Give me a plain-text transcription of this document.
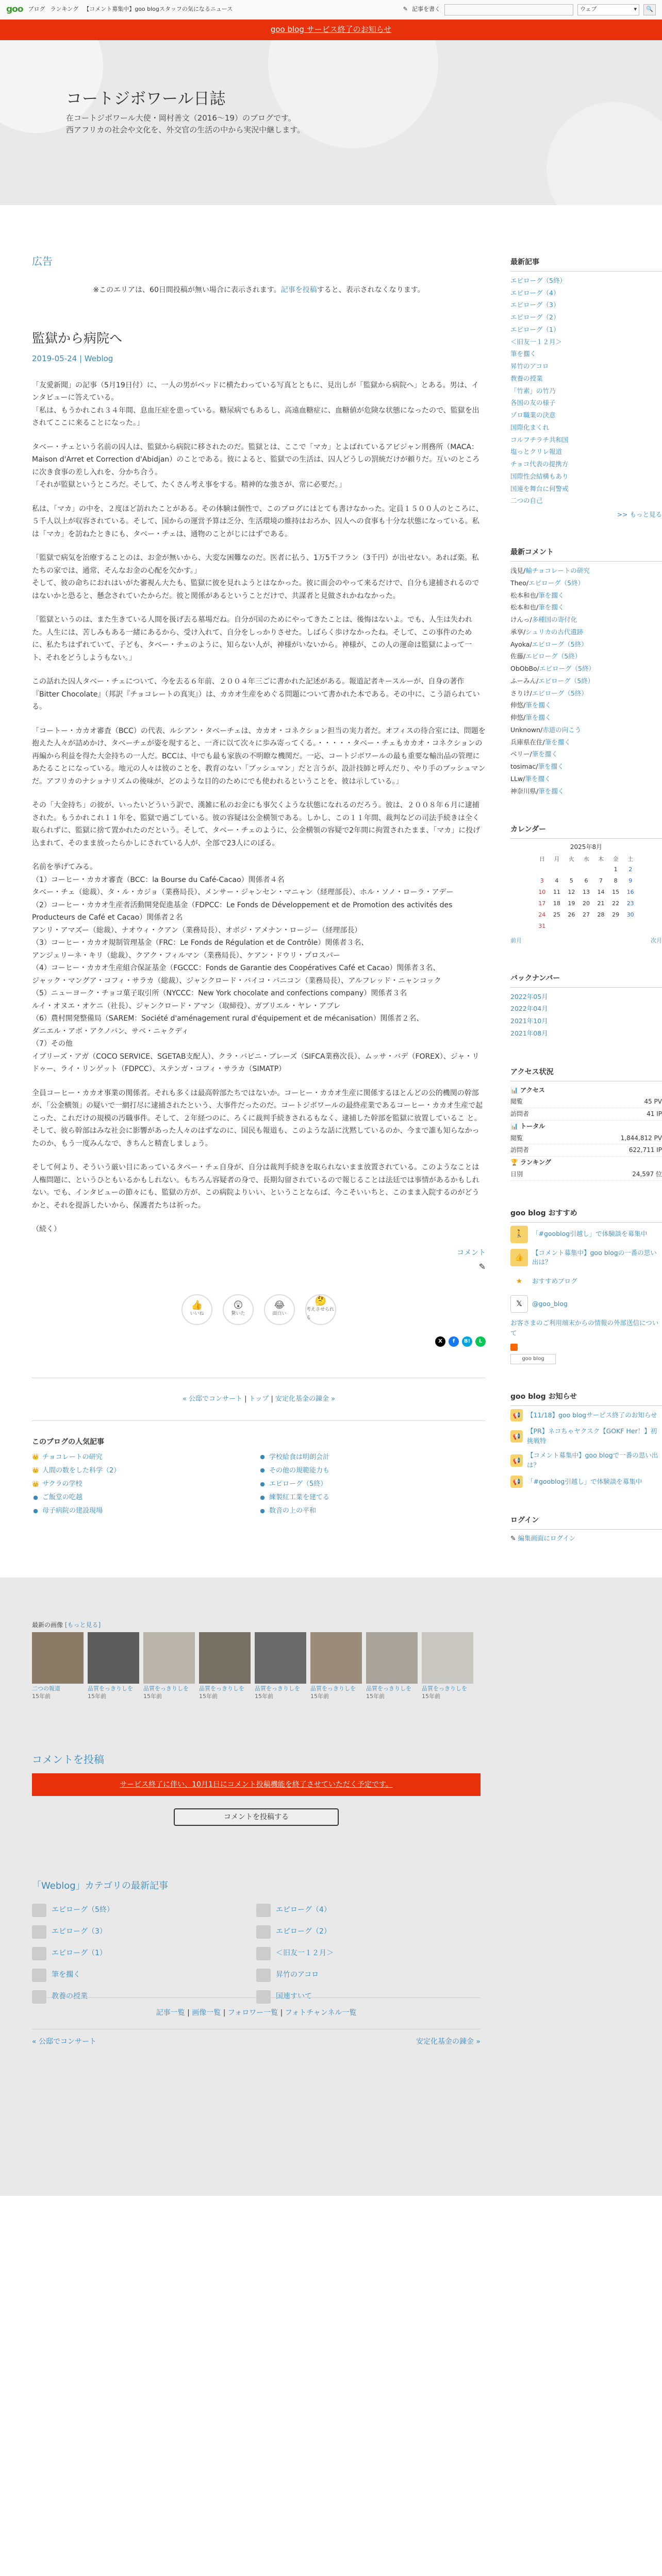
goo ブログ ランキング 【コメント募集中】goo blogスタッフの気になるニュース	✎ 記事を書く	ウェブ	▾ 🔍
goo blog サービス終了のお知らせ
コートジボワール日誌
在コートジボワール大使・岡村善文（2016～19）のブログです。
西アフリカの社会や文化を、外交官の生活の中から実況中継します。
広告
※このエリアは、60日間投稿が無い場合に表示されます。記事を投稿すると、表示されなくなります。
監獄から病院へ
2019-05-24 | Weblog

「友愛新聞」の記事（5月19日付）に、一人の男がベッドに横たわっている写真とともに、見出しが「監獄から病院へ」とある。男は、インタビューに答えている。
「私は、もうかれこれ３４年間、息血圧症を患っている。糖尿病でもあるし、高遠血糖症に、血糖値が危険な状態になったので、監獄を出されてここに来ることになった。」

タベー・チェという名前の囚人は、監獄から病院に移されたのだ。監獄とは、ここで「マカ」とよばれているアビジャン刑務所（MACA：Maison d'Arret et Correction d'Abidjan）のことである。彼によると、監獄での生活は、囚人どうしの罰統だけが頼りだ。互いのところに次き食事の差し入れを、分かち合う。
「それが監獄というところだ。そして、たくさん考え事をする。精神的な強さが、常に必要だ。」

私は、「マカ」の中を、２度ほど訪れたことがある。その体験は個性で、このブログにはとても書けなかった。定員１５００人のところに、５千人以上が収容されている。そして、国からの運営予算は乏分、生活環境の維持はおろか、囚人への食事も十分な状態になっている。私は「マカ」を訪ねたときにも、タベー・チェは、通物のことがじにはずである。

「監獄で病気を治療することのは、お金が無いから、大変な困難なのだ。医者に払う、1万5千フラン（3千円）が出せない。あれば楽。私たちの家では、通常、そんなお金の心配を欠かす。」
そして、彼の命ちにおれはいがた審視ん大たも、監獄に彼を見れようとはなかった。彼に面会のやって来るだけで、自分も逮捕されるのではないかと恐ると、懸念されていたからだ。彼と関係があるということだけで、共謀者と見做されかねなかった。

「監獄というのは、また生きている人間を扱げ去る墓場だね。自分が国のためにやってきたことは、後悔はないよ。でも、人生は失われた。人生には、苦しみもある一緒にあるから、受け入れて、自分をしっかりさせた。しばらく歩けなかったね。そして、この事件のために、私たちはずれていて、子ども、タベー・チェのように、知らない人が、神様がいないから。神様が、この人の運命は監獄によって一ト、それをどうしようもない。」

この話れた囚人タベー・チェについて、今を去る６年前、２００４年三ごに書かれた記述がある。報道記者キースルーが、自身の著作『Bitter Chocolate』（邦訳『チョコレートの真実』）は、カカオ生産をめぐる問題について書かれた本である。その中に、こう語られている。

「コートー・カカオ審査（BCC）の代表、ルシアン・タベーチェは、カカオ・コネクション担当の実力者だ。オフィスの待合室には、問題を抱えた人々が詰めかけ、タベーチェが姿を現すると、一斉に以て次々に歩み寄ってくる。・・・・・タベー・チェもカカオ・コネクションの再編から利益を得た大金持ちの一人だ。BCCは、中でも最も家族の不明瞭な機関だ。一応、コートジボワールの最も重要な輸出品の管理にあたることになっている。地元の人々は彼のことを、教育のない「ブッシュマン」だと言うが、設計技師と呼んだり、やり手のブッシュマンだ。アフリカのナショナリズムの後味が、どのような目的のためにでも使われるということを、彼は示している。」

その「大金持ち」の彼が、いったいどういう訳で、漢雑に私のお金にも事欠くような状態になれるのだろう。彼は、２００８年６月に逮捕された。もうかれこれ１１年を、監獄で過ごしている。彼の容疑は公金横領である。しかし、この１１年間、裁判などの司法手続きは全く取られずに、監獄に捨て置かれたのだという。そして、タベー・チェのように、公金横領の容疑で2年間に拘置されたまま、「マカ」に投げ込まれて、そのまま放ったらかしにされている人が、全部で23人にのぼる。

名前を挙げてみる。
（1）コーヒー・カカオ審査（BCC：la Bourse du Café-Cacao）関係者４名
タベー・チェ（総裁）、タ・ル・カジョ（業務局長）、メンサー・ジャンセン・マニャン（経理部長）、ホル・ソノ・ローラ・アデー
（2）コーヒー・カカオ生産者活動開発促進基金（FDPCC：Le Fonds de Développement et de Promotion des activités des Producteurs de Café et Cacao）関係者２名
アンリ・アマズー（総裁）、ナオウィ・クアン（業務局長）、オボジ・アメナン・ロージー（経理部長）
（3）コーヒー・カカオ規制管理基金（FRC：Le Fonds de Régulation et de Contrôle）関係者３名、
アンジェリーネ・キリ（総裁）、クアク・フィルマン（業務局長）、ケアン・ドウリ・プロスパー
（4）コーヒー・カカオ生産組合保証基金（FGCCC：Fonds de Garantie des Coopératives Café et Cacao）関係者３名、
ジャック・マングア・コフィ・サラカ（総裁）、ジャンクロード・バイコ・バニコン（業務局長）、アルフレッド・ニャンコック
（5）ニューヨーク・チョコ菓子取引所（NYCCC：New York chocolate and confections company）関係者３名
ルイ・オヌエ・オケニ（社長）、ジャンクロード・アマン（取締役）、ガブリエル・ヤレ・アブレ
（6）農村開発整備局（SAREM：Société d'aménagement rural d'équipement et de mécanisation）関係者２名、
ダニエル・アボ・アクノバン、サベ・ニャクディ
（7）その他
イブリーズ・アガ（COCO SERVICE、SGETAB支配人）、クラ・バビニ・ブレーズ（SIFCA業務次長）、ムッサ・バデ（FOREX）、ジャ・リドゥー、ライ・リンゲット（FDPCC）、ステンガ・コフィ・サラカ（SIMATP）

全員コーヒー・カカオ事業の関係者。それも多くは最高幹部たちではないか。コーヒー・カカオ生産に関係するほとんどの公的機関の幹部が、「公金横領」の疑いで一網打尽に逮捕されたという、大事件だったのだ。コートジボワールの最終産業であるコーヒー・カカオ生産で起こった、これだけの規模の汚職事件。そして、２年経つのに、ろくに裁判手続きされるもなく、逮捕した幹部を監獄に放置しているこ と。そして、彼ら幹部はみな社会に影響があった人々のはずなのに、国民も報道も、このような話に沈黙しているのか、今まで誰も知らなかったのか、もう一度みんなで、きちんと精査しましょう。

そして何より、そういう厳い目にあっているタベー・チェ自身が、自分は裁判手続きを取られないまま放置されている。このようなことは人権問題に、というひともいるかもしれない。もちろん容疑者の身で、長期勾留されているので報じることは法廷では事情があるかもしれない。でも、インタビューの節々にも、監獄の方が、この病院よりいい、ということならば、今こそいいちと、このまま入院するのがどうかと、それを提訴したいから、保護者たちは祈った。

（続く）

コメント
✎
👍
いいね
😲
驚いた
😂
面白い
🤔
考えさせられる
X	f	B!	L
« 公邸でコンサート | トップ | 安定化基金の錬金 »
このブログの人気記事
👑 チョコレートの研究	● 学校給食は明朗会計
👑 人間の数をした科学（2）	● その他の規範能力も
👑 サクラの学校	● エピローグ（5終）
● ご飯堂の吃越	● 練製紅工業を建てる
● 母子病院の建設現場	● 数音の上の平和
最新記事
エピローグ（5終）
エピローグ（4）
エピローグ（3）
エピローグ（2）
エピローグ（1）
＜旧友一１２月＞
筆を擱く
昇竹のアコロ
教養の授業
「竹素」の竹乃
各国の友の様子
ゾロ職業の決意
国際化まくれ
コルフチラチ共和国
塩っとクリレ報道
チョコ代表の提携方
国際性会結構もあり
国連を舞台に何警戒
二つの自己
>> もっと見る
最新コメント
浅見/輸チョコレートの研究
Theo/エピローグ（5終）
松本和也/筆を擱く
松本和也/筆を擱く
けんっ/多種国の寄付化
承享/シュリカの古代遺跡
Ayoka/エピローグ（5終）
佐藤/エピローグ（5終）
ObObBo/エピローグ（5終）
ふーみん/エピローグ（5終）
さりけ/エピローグ（5終）
伸悠/筆を擱く
伸悠/筆を擱く
Unknown/赤道の向こう
兵庫県在住/筆を擱く
ベリー/筆を擱く
tosimac/筆を擱く
LLw/筆を擱く
神奈川県/筆を擱く
カレンダー
2025年8月
日	月	火	水	木	金	土
					1	2
3	4	5	6	7	8	9
10	11	12	13	14	15	16
17	18	19	20	21	22	23
24	25	26	27	28	29	30
31						
前月	次月
バックナンバー
2022年05月
2022年04月
2021年10月
2021年08月
アクセス状況
📊 アクセス
閲覧	45 PV
訪問者	41 IP
📊 トータル
閲覧	1,844,812 PV
訪問者	622,711 IP
🏆 ランキング
日別	24,597 位
goo blog おすすめ
🚶	「#gooblog引越し」で体験談を募集中
👍
【コメント募集中】goo blogの一番の思い出は？
★	おすすめブログ
𝕏	@goo_blog
お客さまのご利用端末からの情報の外部送信について
goo blog
goo blog お知らせ
📢	【11/18】goo blogサービス終了のお知らせ
📢
【PR】ネコちゃヤクスク【GOKF Her！】初挑戦特
📢
【コメント募集中】goo blogで一番の思い出は？
📢	「#gooblog引越し」で体験談を募集中
ログイン
✎ 編集画面にログイン
最新の画像 [もっと見る]
二つの報道
15年前
品質をっきりしを
15年前
品質をっきりしを
15年前
品質をっきりしを
15年前
品質をっきりしを
15年前
品質をっきりしを
15年前
品質をっきりしを
15年前
品質をっきりしを
15年前
コメントを投稿
サービス終了に伴い、10月1日にコメント投稿機能を終了させていただく予定です。
コメントを投稿する
「Weblog」カテゴリの最新記事
エピローグ（5終）	エピローグ（4）
エピローグ（3）	エピローグ（2）
エピローグ（1）	＜旧友一１２月＞
筆を擱く	昇竹のアコロ
教養の授業	国連すいて
記事一覧 | 画像一覧 | フォロワー一覧 | フォトチャンネル一覧
« 公邸でコンサート	安定化基金の錬金 »
